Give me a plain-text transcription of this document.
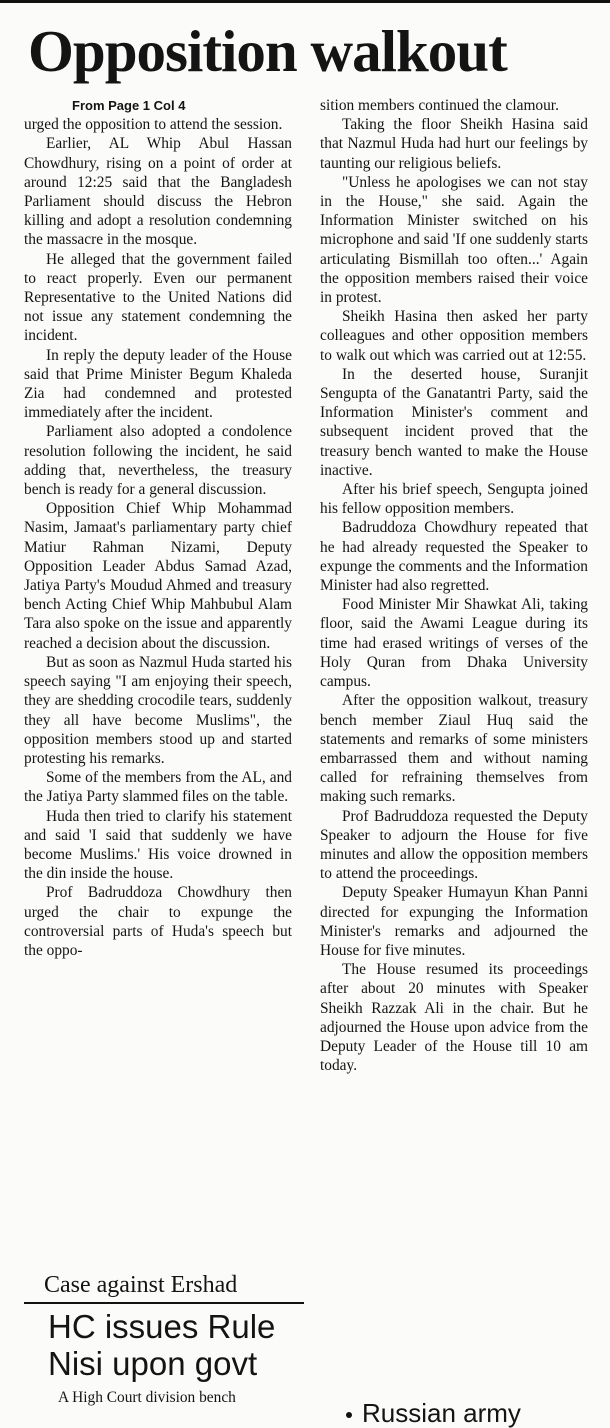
Opposition walkout
From Page 1 Col 4

urged the opposition to attend the session.

Earlier, AL Whip Abul Hassan Chowdhury, rising on a point of order at around 12:25 said that the Bangladesh Parliament should discuss the Hebron killing and adopt a resolution condemning the massacre in the mosque.

He alleged that the government failed to react properly. Even our permanent Representative to the United Nations did not issue any statement condemning the incident.

In reply the deputy leader of the House said that Prime Minister Begum Khaleda Zia had condemned and protested immediately after the incident.

Parliament also adopted a condolence resolution following the incident, he said adding that, nevertheless, the treasury bench is ready for a general discussion.

Opposition Chief Whip Mohammad Nasim, Jamaat's parliamentary party chief Matiur Rahman Nizami, Deputy Opposition Leader Abdus Samad Azad, Jatiya Party's Moudud Ahmed and treasury bench Acting Chief Whip Mahbubul Alam Tara also spoke on the issue and apparently reached a decision about the discussion.

But as soon as Nazmul Huda started his speech saying "I am enjoying their speech, they are shedding crocodile tears, suddenly they all have become Muslims", the opposition members stood up and started protesting his remarks.

Some of the members from the AL, and the Jatiya Party slammed files on the table.

Huda then tried to clarify his statement and said 'I said that suddenly we have become Muslims.' His voice drowned in the din inside the house.

Prof Badruddoza Chowdhury then urged the chair to expunge the controversial parts of Huda's speech but the oppo-

sition members continued the clamour.

Taking the floor Sheikh Hasina said that Nazmul Huda had hurt our feelings by taunting our religious beliefs.

"Unless he apologises we can not stay in the House," she said. Again the Information Minister switched on his microphone and said 'If one suddenly starts articulating Bismillah too often...' Again the opposition members raised their voice in protest.

Sheikh Hasina then asked her party colleagues and other opposition members to walk out which was carried out at 12:55.

In the deserted house, Suranjit Sengupta of the Ganatantri Party, said the Information Minister's comment and subsequent incident proved that the treasury bench wanted to make the House inactive.

After his brief speech, Sengupta joined his fellow opposition members.

Badruddoza Chowdhury repeated that he had already requested the Speaker to expunge the comments and the Information Minister had also regretted.

Food Minister Mir Shawkat Ali, taking floor, said the Awami League during its time had erased writings of verses of the Holy Quran from Dhaka University campus.

After the opposition walkout, treasury bench member Ziaul Huq said the statements and remarks of some ministers embarrassed them and without naming called for refraining themselves from making such remarks.

Prof Badruddoza requested the Deputy Speaker to adjourn the House for five minutes and allow the opposition members to attend the proceedings.

Deputy Speaker Humayun Khan Panni directed for expunging the Information Minister's remarks and adjourned the House for five minutes.

The House resumed its proceedings after about 20 minutes with Speaker Sheikh Razzak Ali in the chair. But he adjourned the House upon advice from the Deputy Leader of the House till 10 am today.

Case against Ershad
HC issues Rule
Nisi upon govt
A High Court division bench
Russian army
